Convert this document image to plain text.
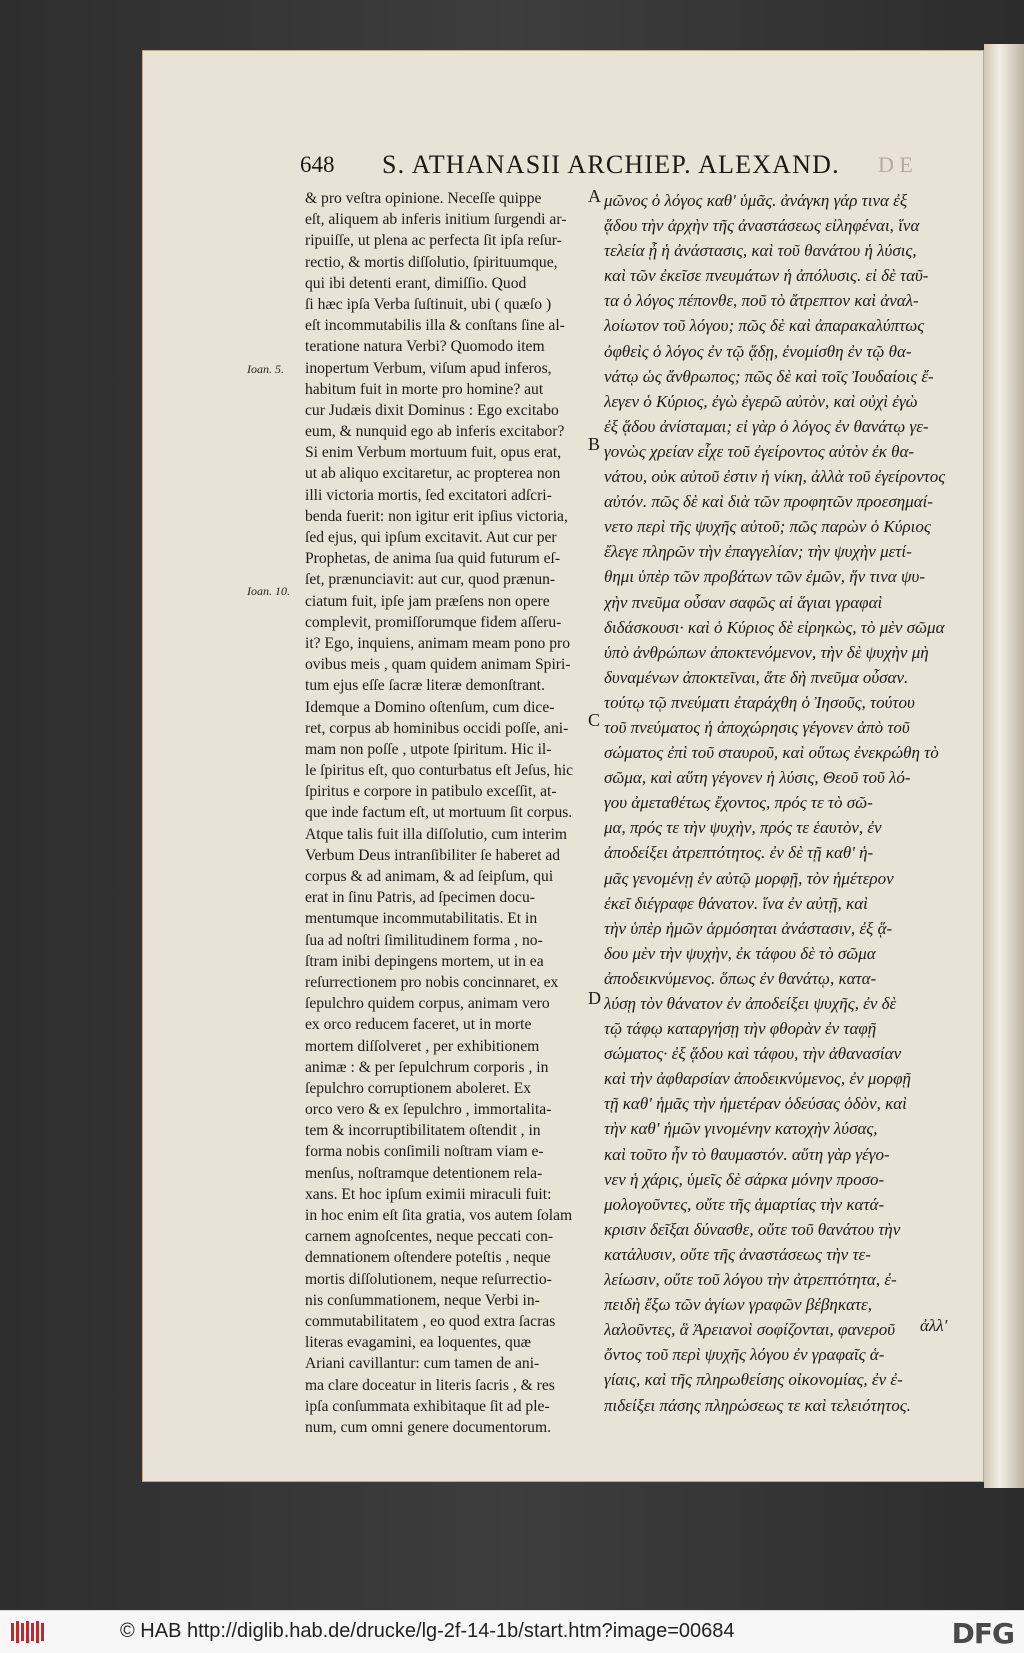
648 S. ATHANASII ARCHIEP. ALEXAND. D E
Ioan. 5.
Ioan. 10.
A
B
C
D
& pro veſtra opinione. Neceſſe quippe
eſt, aliquem ab inferis initium ſurgendi ar-
ripuiſſe, ut plena ac perfecta ſit ipſa reſur-
rectio, & mortis diſſolutio, ſpirituumque,
qui ibi detenti erant, dimiſſio. Quod
ſi hæc ipſa Verba ſuſtinuit, ubi ( quæſo )
eſt incommutabilis illa & conſtans ſine al-
teratione natura Verbi? Quomodo item
inopertum Verbum, viſum apud inferos,
habitum fuit in morte pro homine? aut
cur Judæis dixit Dominus : Ego excitabo
eum, & nunquid ego ab inferis excitabor?
Si enim Verbum mortuum fuit, opus erat,
ut ab aliquo excitaretur, ac propterea non
illi victoria mortis, ſed excitatori adſcri-
benda fuerit: non igitur erit ipſius victoria,
ſed ejus, qui ipſum excitavit. Aut cur per
Prophetas, de anima ſua quid futurum eſ-
ſet, prænunciavit: aut cur, quod prænun-
ciatum fuit, ipſe jam præſens non opere
complevit, promiſſorumque fidem aſſeru-
it? Ego, inquiens, animam meam pono pro
ovibus meis , quam quidem animam Spiri-
tum ejus eſſe ſacræ literæ demonſtrant.
Idemque a Domino oſtenſum, cum dice-
ret, corpus ab hominibus occidi poſſe, ani-
mam non poſſe , utpote ſpiritum. Hic il-
le ſpiritus eſt, quo conturbatus eſt Jeſus, hic
ſpiritus e corpore in patibulo exceſſit, at-
que inde factum eſt, ut mortuum ſit corpus.
Atque talis fuit illa diſſolutio, cum interim
Verbum Deus intranſibiliter ſe haberet ad
corpus & ad animam, & ad ſeipſum, qui
erat in ſinu Patris, ad ſpecimen docu-
mentumque incommutabilitatis. Et in
ſua ad noſtri ſimilitudinem forma , no-
ſtram inibi depingens mortem, ut in ea
reſurrectionem pro nobis concinnaret, ex
ſepulchro quidem corpus, animam vero
ex orco reducem faceret, ut in morte
mortem diſſolveret , per exhibitionem
animæ : & per ſepulchrum corporis , in
ſepulchro corruptionem aboleret. Ex
orco vero & ex ſepulchro , immortalita-
tem & incorruptibilitatem oſtendit , in
forma nobis conſimili noſtram viam e-
menſus, noſtramque detentionem rela-
xans. Et hoc ipſum eximii miraculi fuit:
in hoc enim eſt ſita gratia, vos autem ſolam
carnem agnoſcentes, neque peccati con-
demnationem oſtendere poteſtis , neque
mortis diſſolutionem, neque reſurrectio-
nis conſummationem, neque Verbi in-
commutabilitatem , eo quod extra ſacras
literas evagamini, ea loquentes, quæ
Ariani cavillantur: cum tamen de ani-
ma clare doceatur in literis ſacris , & res
ipſa conſummata exhibitaque ſit ad ple-
num, cum omni genere documentorum.
μῶνος ὁ λόγος καθ' ὑμᾶς. ἀνάγκη γάρ τινα ἐξ
ᾅδου τὴν ἀρχὴν τῆς ἀναστάσεως εἰληφέναι, ἵνα
τελεία ᾖ ἡ ἀνάστασις, καὶ τοῦ θανάτου ἡ λύσις,
καὶ τῶν ἐκεῖσε πνευμάτων ἡ ἀπόλυσις. εἰ δὲ ταῦ-
τα ὁ λόγος πέπονθε, ποῦ τὸ ἄτρεπτον καὶ ἀναλ-
λοίωτον τοῦ λόγου; πῶς δὲ καὶ ἀπαρακαλύπτως
ὀφθεὶς ὁ λόγος ἐν τῷ ᾅδῃ, ἐνομίσθη ἐν τῷ θα-
νάτῳ ὡς ἄνθρωπος; πῶς δὲ καὶ τοῖς Ἰουδαίοις ἔ-
λεγεν ὁ Κύριος, ἐγὼ ἐγερῶ αὐτὸν, καὶ οὐχὶ ἐγὼ
ἐξ ᾅδου ἀνίσταμαι; εἰ γὰρ ὁ λόγος ἐν θανάτῳ γε-
γονὼς χρείαν εἶχε τοῦ ἐγείροντος αὐτὸν ἐκ θα-
νάτου, οὐκ αὐτοῦ ἐστιν ἡ νίκη, ἀλλὰ τοῦ ἐγείροντος
αὐτόν. πῶς δὲ καὶ διὰ τῶν προφητῶν προεσημαί-
νετο περὶ τῆς ψυχῆς αὐτοῦ; πῶς παρὼν ὁ Κύριος
ἔλεγε πληρῶν τὴν ἐπαγγελίαν; τὴν ψυχὴν μετί-
θημι ὑπὲρ τῶν προβάτων τῶν ἐμῶν, ἥν τινα ψυ-
χὴν πνεῦμα οὖσαν σαφῶς αἱ ἅγιαι γραφαὶ
διδάσκουσι· καὶ ὁ Κύριος δὲ εἰρηκὼς, τὸ μὲν σῶμα
ὑπὸ ἀνθρώπων ἀποκτενόμενον, τὴν δὲ ψυχὴν μὴ
δυναμένων ἀποκτεῖναι, ἅτε δὴ πνεῦμα οὖσαν.
τούτῳ τῷ πνεύματι ἐταράχθη ὁ Ἰησοῦς, τούτου
τοῦ πνεύματος ἡ ἀποχώρησις γέγονεν ἀπὸ τοῦ
σώματος ἐπὶ τοῦ σταυροῦ, καὶ οὕτως ἐνεκρώθη τὸ
σῶμα, καὶ αὕτη γέγονεν ἡ λύσις, Θεοῦ τοῦ λό-
γου ἀμεταθέτως ἔχοντος, πρός τε τὸ σῶ-
μα, πρός τε τὴν ψυχὴν, πρός τε ἑαυτὸν, ἐν
ἀποδείξει ἀτρεπτότητος. ἐν δὲ τῇ καθ' ἡ-
μᾶς γενομένῃ ἐν αὐτῷ μορφῇ, τὸν ἡμέτερον
ἐκεῖ διέγραφε θάνατον. ἵνα ἐν αὐτῇ, καὶ
τὴν ὑπὲρ ἡμῶν ἁρμόσηται ἀνάστασιν, ἐξ ᾅ-
δου μὲν τὴν ψυχὴν, ἐκ τάφου δὲ τὸ σῶμα
ἀποδεικνύμενος. ὅπως ἐν θανάτῳ, κατα-
λύσῃ τὸν θάνατον ἐν ἀποδείξει ψυχῆς, ἐν δὲ
τῷ τάφῳ καταργήσῃ τὴν φθορὰν ἐν ταφῇ
σώματος· ἐξ ᾅδου καὶ τάφου, τὴν ἀθανασίαν
καὶ τὴν ἀφθαρσίαν ἀποδεικνύμενος, ἐν μορφῇ
τῇ καθ' ἡμᾶς τὴν ἡμετέραν ὁδεύσας ὁδὸν, καὶ
τὴν καθ' ἡμῶν γινομένην κατοχὴν λύσας,
καὶ τοῦτο ἦν τὸ θαυμαστόν. αὕτη γὰρ γέγο-
νεν ἡ χάρις, ὑμεῖς δὲ σάρκα μόνην προσο-
μολογοῦντες, οὔτε τῆς ἁμαρτίας τὴν κατά-
κρισιν δεῖξαι δύνασθε, οὔτε τοῦ θανάτου τὴν
κατάλυσιν, οὔτε τῆς ἀναστάσεως τὴν τε-
λείωσιν, οὔτε τοῦ λόγου τὴν ἀτρεπτότητα, ἐ-
πειδὴ ἔξω τῶν ἁγίων γραφῶν βέβηκατε,
λαλοῦντες, ἃ Ἀρειανοὶ σοφίζονται, φανεροῦ
ὄντος τοῦ περὶ ψυχῆς λόγου ἐν γραφαῖς ἁ-
γίαις, καὶ τῆς πληρωθείσης οἰκονομίας, ἐν ἐ-
πιδείξει πάσης πληρώσεως τε καὶ τελειότητος.
ἀλλ'
© HAB http://diglib.hab.de/drucke/lg-2f-14-1b/start.htm?image=00684	DFG
